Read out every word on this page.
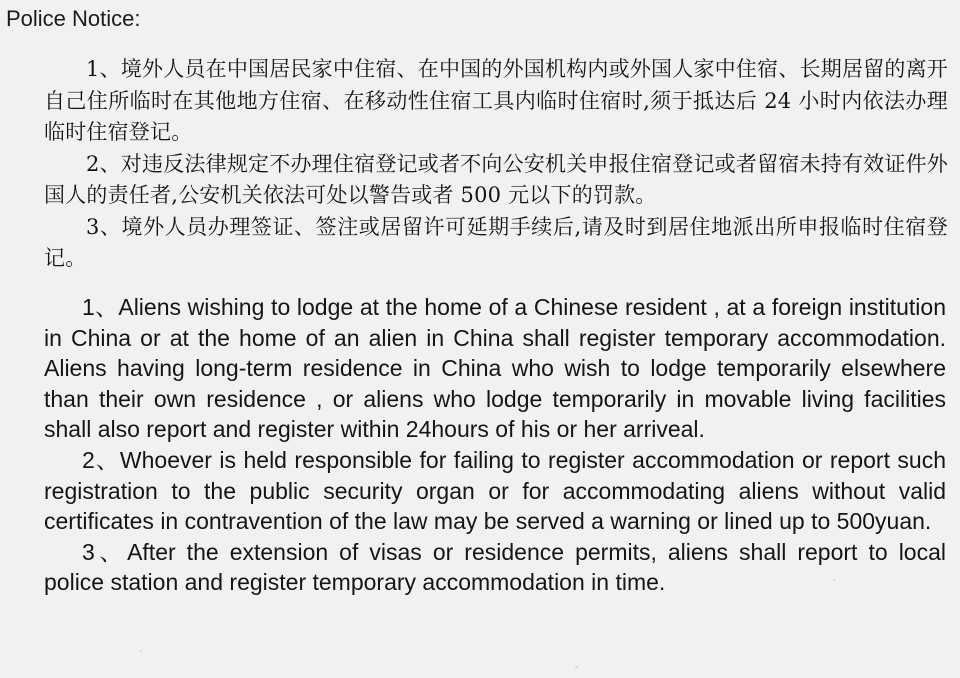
Police Notice:

1、境外人员在中国居民家中住宿、在中国的外国机构内或外国人家中住宿、长期居留的离开自己住所临时在其他地方住宿、在移动性住宿工具内临时住宿时,须于抵达后 24 小时内依法办理临时住宿登记。

2、对违反法律规定不办理住宿登记或者不向公安机关申报住宿登记或者留宿未持有效证件外国人的责任者,公安机关依法可处以警告或者 500 元以下的罚款。

3、境外人员办理签证、签注或居留许可延期手续后,请及时到居住地派出所申报临时住宿登记。

1、Aliens wishing to lodge at the home of a Chinese resident , at a foreign institution in China or at the home of an alien in China shall register temporary accommodation. Aliens having long-term residence in China who wish to lodge temporarily elsewhere than their own residence , or aliens who lodge temporarily in movable living facilities shall also report and register within 24hours of his or her arriveal.

2、Whoever is held responsible for failing to register accommodation or report such registration to the public security organ or for accommodating aliens without valid certificates in contravention of the law may be served a warning or lined up to 500yuan.

3、After the extension of visas or residence permits, aliens shall report to local police station and register temporary accommodation in time.
